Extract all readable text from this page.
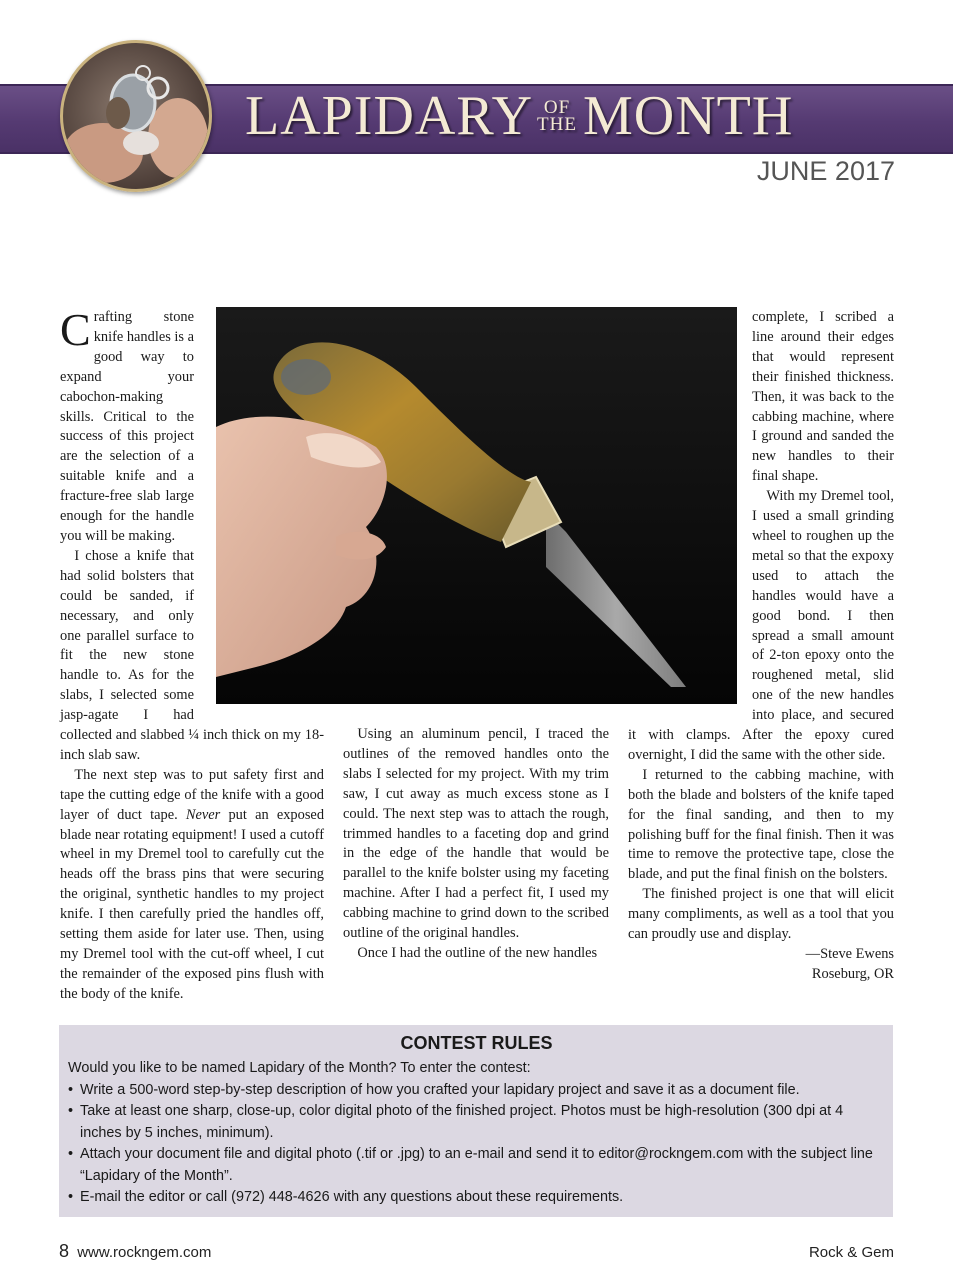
LAPIDARY OF
THE MONTH
JUNE 2017

Crafting stone knife handles is a good way to expand your cabochon-making skills. Critical to the success of this project are the selection of a suitable knife and a fracture-free slab large enough for the handle you will be making.

I chose a knife that had solid bolsters that could be sanded, if necessary, and only one parallel surface to fit the new stone handle to. As for the slabs, I selected some jasp-agate I had collected and slabbed ¼ inch thick on my 18-inch slab saw.

The next step was to put safety first and tape the cutting edge of the knife with a good layer of duct tape. Never put an exposed blade near rotating equipment! I used a cutoff wheel in my Dremel tool to carefully cut the heads off the brass pins that were securing the original, synthetic handles to my project knife. I then carefully pried the handles off, setting them aside for later use. Then, using my Dremel tool with the cut-off wheel, I cut the remainder of the exposed pins flush with the body of the knife.

Using an aluminum pencil, I traced the outlines of the removed handles onto the slabs I selected for my project. With my trim saw, I cut away as much excess stone as I could. The next step was to attach the rough, trimmed handles to a faceting dop and grind in the edge of the handle that would be parallel to the knife bolster using my faceting machine. After I had a perfect fit, I used my cabbing machine to grind down to the scribed outline of the original handles.

Once I had the outline of the new handles

complete, I scribed a line around their edges that would represent their finished thickness. Then, it was back to the cabbing machine, where I ground and sanded the new handles to their final shape.

With my Dremel tool, I used a small grinding wheel to roughen up the metal so that the expoxy used to attach the handles would have a good bond. I then spread a small amount of 2-ton epoxy onto the roughened metal, slid one of the new handles into place, and secured it with clamps. After the epoxy cured overnight, I did the same with the other side.

I returned to the cabbing machine, with both the blade and bolsters of the knife taped for the final sanding, and then to my polishing buff for the final finish. Then it was time to remove the protective tape, close the blade, and put the final finish on the bolsters.

The finished project is one that will elicit many compliments, as well as a tool that you can proudly use and display.

—Steve Ewens

Roseburg, OR

CONTEST RULES

Would you like to be named Lapidary of the Month? To enter the contest:

• Write a 500-word step-by-step description of how you crafted your lapidary project and save it as a document file.
• Take at least one sharp, close-up, color digital photo of the finished project. Photos must be high-resolution (300 dpi at 4 inches by 5 inches, minimum).
• Attach your document file and digital photo (.tif or .jpg) to an e-mail and send it to editor@rockngem.com with the subject line “Lapidary of the Month”.
• E-mail the editor or call (972) 448-4626 with any questions about these requirements.
8 www.rockngem.com	Rock & Gem
